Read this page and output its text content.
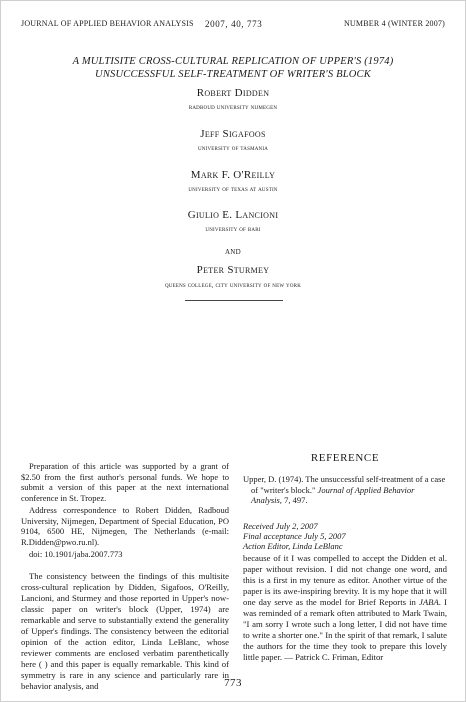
JOURNAL OF APPLIED BEHAVIOR ANALYSIS 2007, 40, 773	NUMBER 4 (WINTER 2007)
A MULTISITE CROSS-CULTURAL REPLICATION OF UPPER'S (1974)
UNSUCCESSFUL SELF-TREATMENT OF WRITER'S BLOCK
Robert Didden
radboud university nijmegen
Jeff Sigafoos
university of tasmania
Mark F. O'Reilly
university of texas at austin
Giulio E. Lancioni
university of bari
AND
Peter Sturmey
queens college, city university of new york

Preparation of this article was supported by a grant of $2.50 from the first author's personal funds. We hope to submit a version of this paper at the next international conference in St. Tropez.

Address correspondence to Robert Didden, Radboud University, Nijmegen, Department of Special Education, PO 9104, 6500 HE, Nijmegen, The Netherlands (e-mail: R.Didden@pwo.ru.nl).

doi: 10.1901/jaba.2007.773

The consistency between the findings of this multisite cross-cultural replication by Didden, Sigafoos, O'Reilly, Lancioni, and Sturmey and those reported in Upper's now-classic paper on writer's block (Upper, 1974) are remarkable and serve to substantially extend the generality of Upper's findings. The consistency between the editorial opinion of the action editor, Linda LeBlanc, whose reviewer comments are enclosed verbatim parenthetically here ( ) and this paper is equally remarkable. This kind of symmetry is rare in any science and particularly rare in behavior analysis, and

REFERENCE
Upper, D. (1974). The unsuccessful self-treatment of a case of "writer's block." Journal of Applied Behavior Analysis, 7, 497.
Received July 2, 2007
Final acceptance July 5, 2007
Action Editor, Linda LeBlanc

because of it I was compelled to accept the Didden et al. paper without revision. I did not change one word, and this is a first in my tenure as editor. Another virtue of the paper is its awe-inspiring brevity. It is my hope that it will one day serve as the model for Brief Reports in JABA. I was reminded of a remark often attributed to Mark Twain, "I am sorry I wrote such a long letter, I did not have time to write a shorter one." In the spirit of that remark, I salute the authors for the time they took to prepare this lovely little paper. — Patrick C. Friman, Editor

773
